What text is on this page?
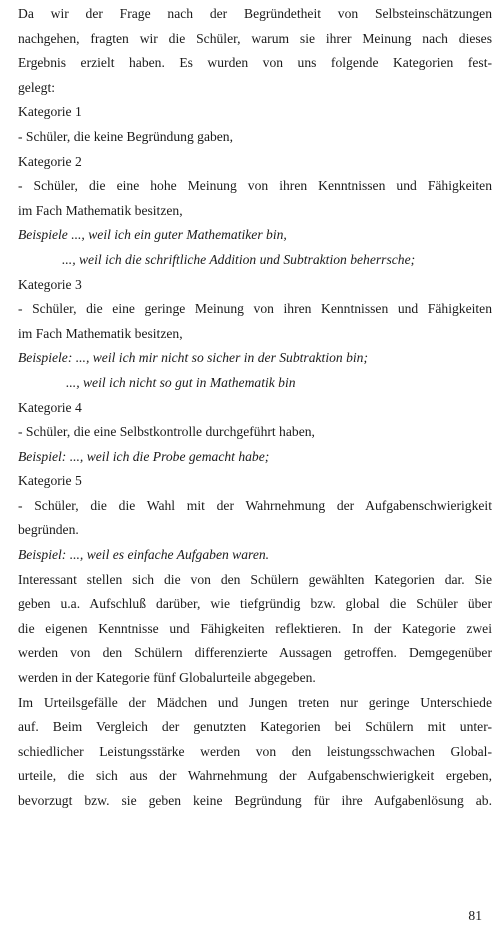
Da wir der Frage nach der Begründetheit von Selbsteinschätzungen
nachgehen, fragten wir die Schüler, warum sie ihrer Meinung nach dieses
Ergebnis erzielt haben. Es wurden von uns folgende Kategorien fest-
gelegt:
Kategorie 1
- Schüler, die keine Begründung gaben,
Kategorie 2
- Schüler, die eine hohe Meinung von ihren Kenntnissen und Fähigkeiten
im Fach Mathematik besitzen,
Beispiele ..., weil ich ein guter Mathematiker bin,
..., weil ich die schriftliche Addition und Subtraktion beherrsche;
Kategorie 3
- Schüler, die eine geringe Meinung von ihren Kenntnissen und Fähigkeiten
im Fach Mathematik besitzen,
Beispiele: ..., weil ich mir nicht so sicher in der Subtraktion bin;
..., weil ich nicht so gut in Mathematik bin
Kategorie 4
- Schüler, die eine Selbstkontrolle durchgeführt haben,
Beispiel: ..., weil ich die Probe gemacht habe;
Kategorie 5
- Schüler, die die Wahl mit der Wahrnehmung der Aufgabenschwierigkeit
begründen.
Beispiel: ..., weil es einfache Aufgaben waren.
Interessant stellen sich die von den Schülern gewählten Kategorien dar. Sie
geben u.a. Aufschluß darüber, wie tiefgründig bzw. global die Schüler über
die eigenen Kenntnisse und Fähigkeiten reflektieren. In der Kategorie zwei
werden von den Schülern differenzierte Aussagen getroffen. Demgegenüber
werden in der Kategorie fünf Globalurteile abgegeben.
Im Urteilsgefälle der Mädchen und Jungen treten nur geringe Unterschiede
auf. Beim Vergleich der genutzten Kategorien bei Schülern mit unter-
schiedlicher Leistungsstärke werden von den leistungsschwachen Global-
urteile, die sich aus der Wahrnehmung der Aufgabenschwierigkeit ergeben,
bevorzugt bzw. sie geben keine Begründung für ihre Aufgabenlösung ab.
81
